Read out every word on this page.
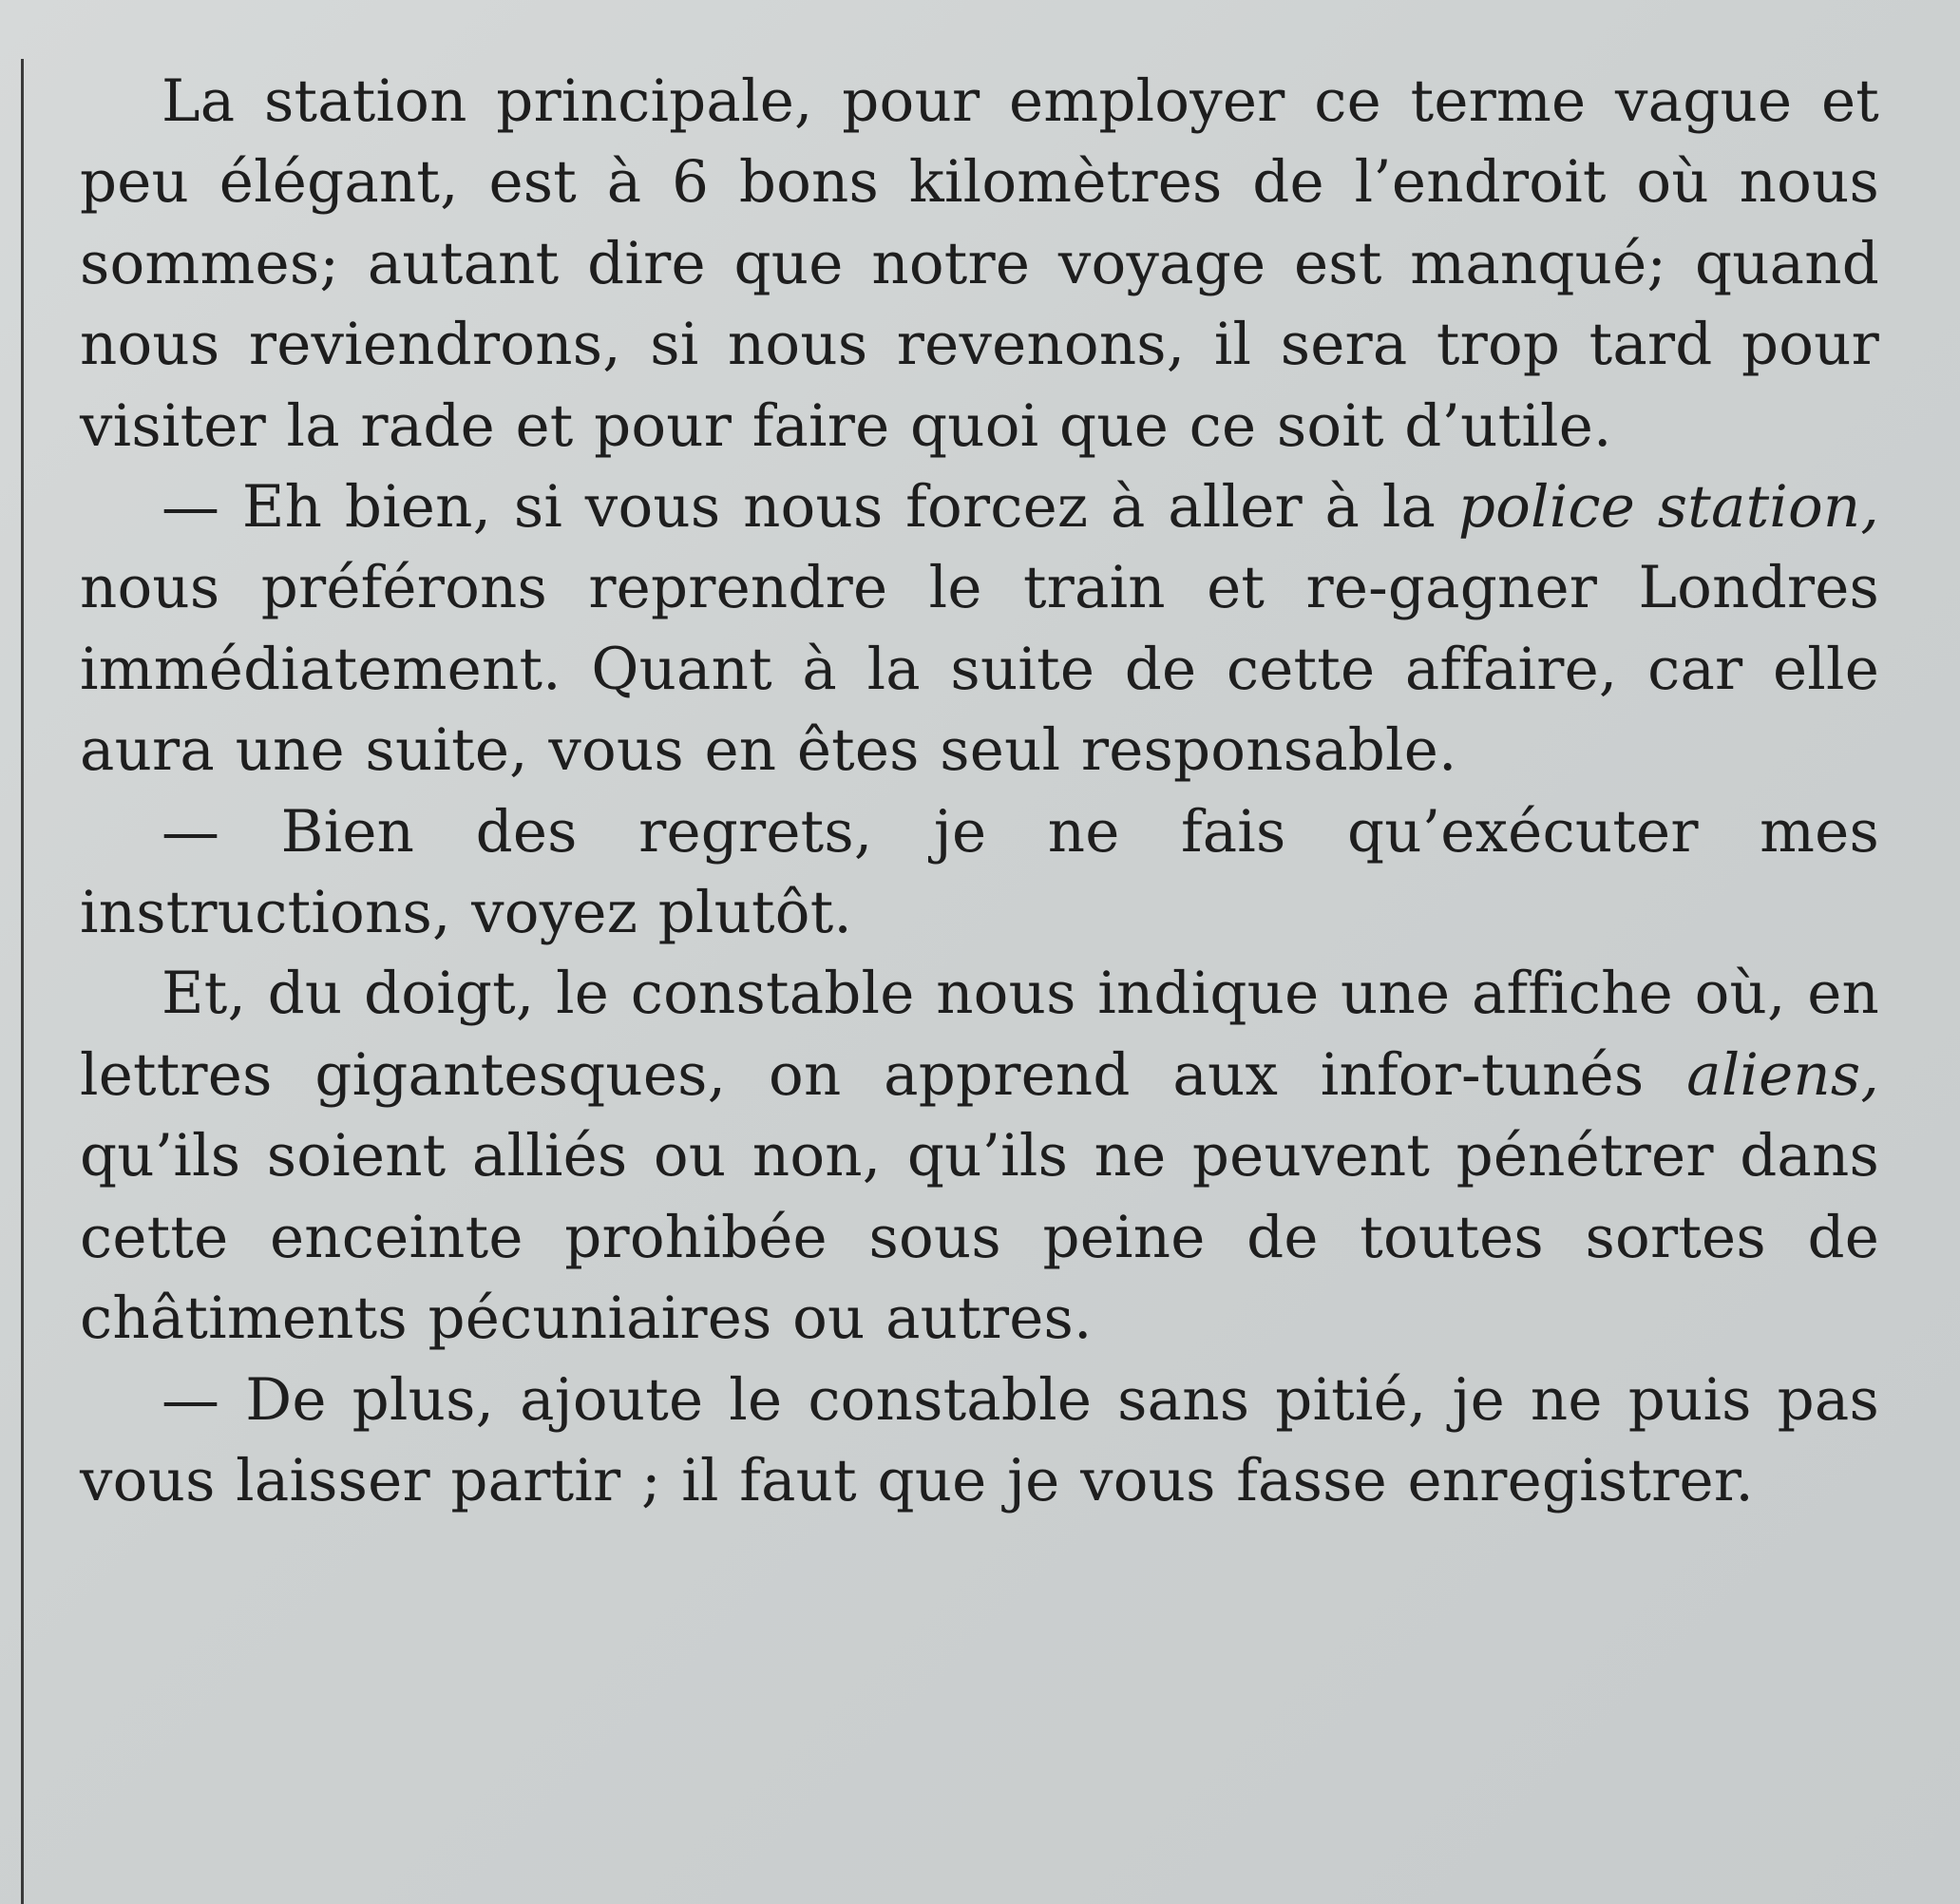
La station principale, pour employer ce terme vague et peu élégant, est à 6 bons kilomètres de l’endroit où nous sommes; autant dire que notre voyage est manqué; quand nous reviendrons, si nous revenons, il sera trop tard pour visiter la rade et pour faire quoi que ce soit d’utile.

— Eh bien, si vous nous forcez à aller à la police station, nous préférons reprendre le train et re-gagner Londres immédiatement. Quant à la suite de cette affaire, car elle aura une suite, vous en êtes seul responsable.

— Bien des regrets, je ne fais qu’exécuter mes instructions, voyez plutôt.

Et, du doigt, le constable nous indique une affiche où, en lettres gigantesques, on apprend aux infor-tunés aliens, qu’ils soient alliés ou non, qu’ils ne peuvent pénétrer dans cette enceinte prohibée sous peine de toutes sortes de châtiments pécuniaires ou autres.

— De plus, ajoute le constable sans pitié, je ne puis pas vous laisser partir ; il faut que je vous fasse enregistrer.
